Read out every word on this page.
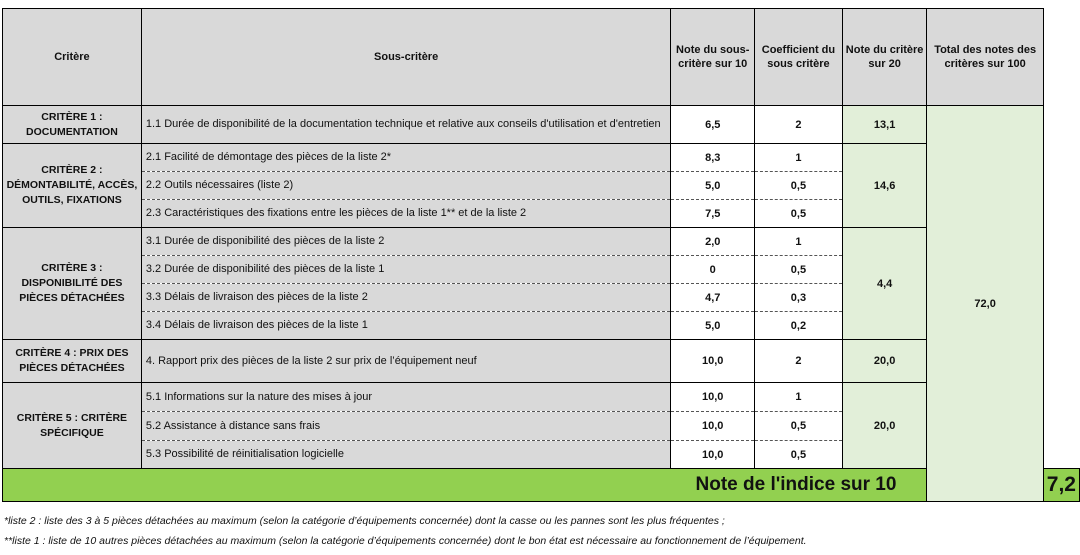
Critère	Sous-critère	Note du sous-critère sur 10	Coefficient du sous critère	Note du critère sur 20	Total des notes des critères sur 100	
CRITÈRE 1 : DOCUMENTATION	1.1 Durée de disponibilité de la documentation technique et relative aux conseils d'utilisation et d'entretien	6,5	2	13,1	72,0	
CRITÈRE 2 : DÉMONTABILITÉ, ACCÈS, OUTILS, FIXATIONS	2.1 Facilité de démontage des pièces de la liste 2*	8,3	1	14,6		
	2.2 Outils nécessaires (liste 2)	5,0	0,5			
	2.3 Caractéristiques des fixations entre les pièces de la liste 1** et de la liste 2	7,5	0,5			
CRITÈRE 3 : DISPONIBILITÉ DES PIÈCES DÉTACHÉES	3.1 Durée de disponibilité des pièces de la liste 2	2,0	1	4,4		
	3.2 Durée de disponibilité des pièces de la liste 1	0	0,5			
	3.3 Délais de livraison des pièces de la liste 2	4,7	0,3			
	3.4 Délais de livraison des pièces de la liste 1	5,0	0,2			
CRITÈRE 4 : PRIX DES PIÈCES DÉTACHÉES	4. Rapport prix des pièces de la liste 2 sur prix de l’équipement neuf	10,0	2	20,0		
CRITÈRE 5 : CRITÈRE SPÉCIFIQUE	5.1 Informations sur la nature des mises à jour	10,0	1	20,0		
	5.2 Assistance à distance sans frais	10,0	0,5			
	5.3 Possibilité de réinitialisation logicielle	10,0	0,5			
Note de l'indice sur 10						7,2
*liste 2 : liste des 3 à 5 pièces détachées au maximum (selon la catégorie d’équipements concernée) dont la casse ou les pannes sont les plus fréquentes ;
**liste 1 : liste de 10 autres pièces détachées au maximum (selon la catégorie d’équipements concernée) dont le bon état est nécessaire au fonctionnement de l’équipement.
